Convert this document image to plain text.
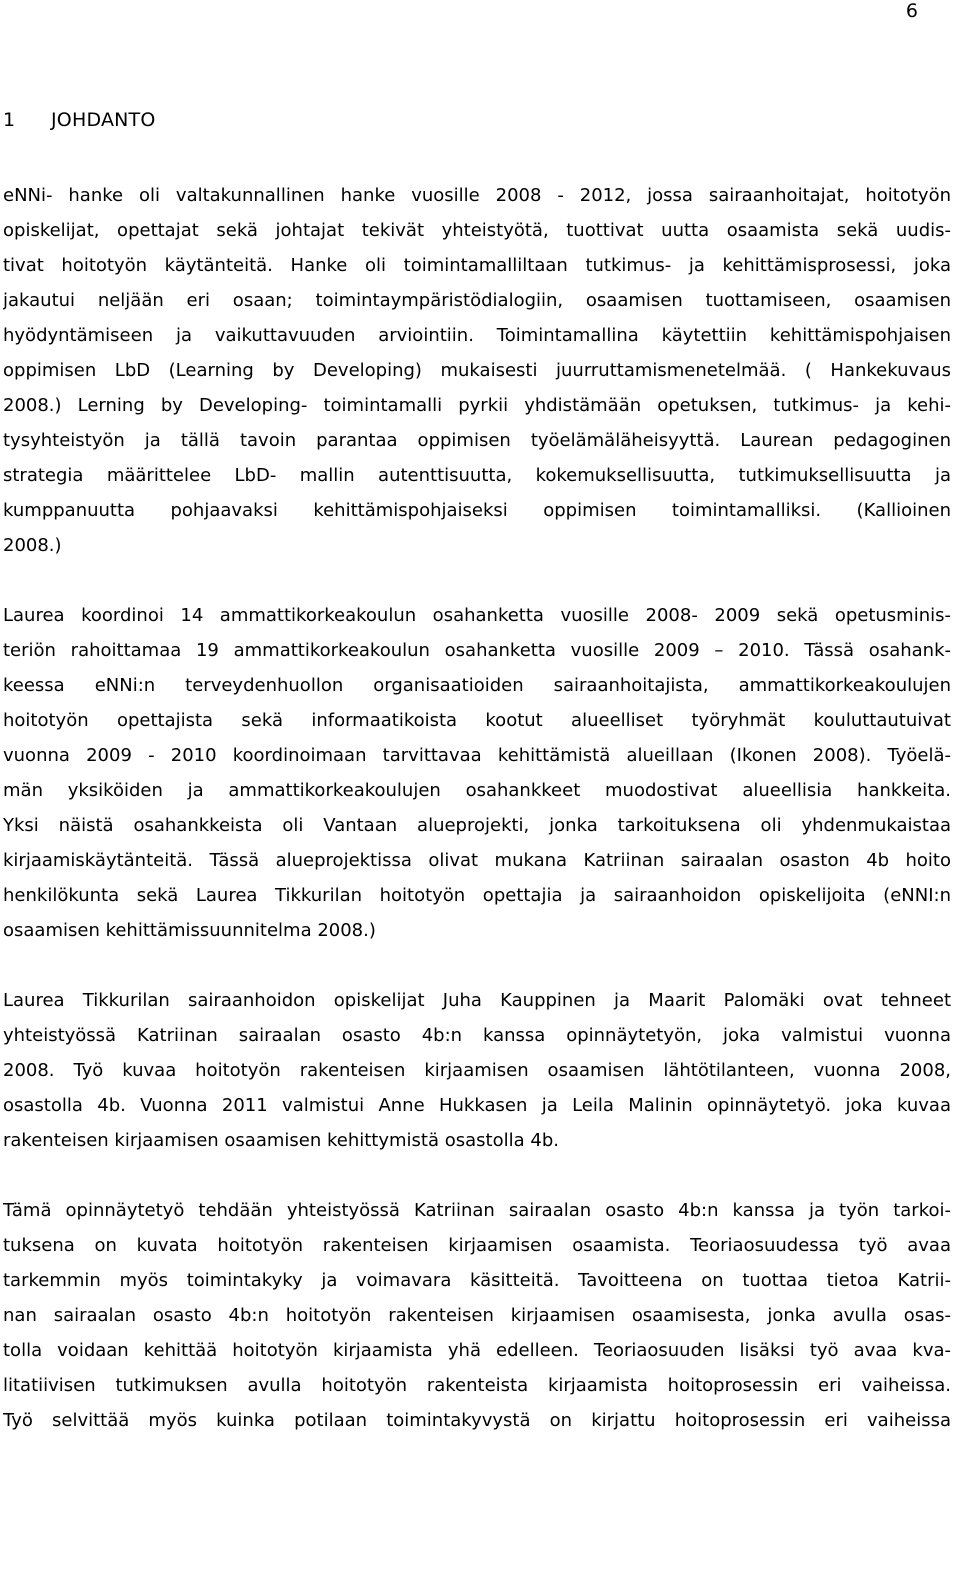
6
1 JOHDANTO
eNNi- hanke oli valtakunnallinen hanke vuosille 2008 - 2012, jossa sairaanhoitajat, hoitotyön
opiskelijat, opettajat sekä johtajat tekivät yhteistyötä, tuottivat uutta osaamista sekä uudis-
tivat hoitotyön käytänteitä. Hanke oli toimintamalliltaan tutkimus- ja kehittämisprosessi, joka
jakautui neljään eri osaan; toimintaympäristödialogiin, osaamisen tuottamiseen, osaamisen
hyödyntämiseen ja vaikuttavuuden arviointiin. Toimintamallina käytettiin kehittämispohjaisen
oppimisen LbD (Learning by Developing) mukaisesti juurruttamismenetelmää. ( Hankekuvaus
2008.) Lerning by Developing- toimintamalli pyrkii yhdistämään opetuksen, tutkimus- ja kehi-
tysyhteistyön ja tällä tavoin parantaa oppimisen työelämäläheisyyttä. Laurean pedagoginen
strategia määrittelee LbD- mallin autenttisuutta, kokemuksellisuutta, tutkimuksellisuutta ja
kumppanuutta pohjaavaksi kehittämispohjaiseksi oppimisen toimintamalliksi. (Kallioinen
2008.)
Laurea koordinoi 14 ammattikorkeakoulun osahanketta vuosille 2008- 2009 sekä opetusminis-
teriön rahoittamaa 19 ammattikorkeakoulun osahanketta vuosille 2009 – 2010. Tässä osahank-
keessa eNNi:n terveydenhuollon organisaatioiden sairaanhoitajista, ammattikorkeakoulujen
hoitotyön opettajista sekä informaatikoista kootut alueelliset työryhmät kouluttautuivat
vuonna 2009 - 2010 koordinoimaan tarvittavaa kehittämistä alueillaan (Ikonen 2008). Työelä-
män yksiköiden ja ammattikorkeakoulujen osahankkeet muodostivat alueellisia hankkeita.
Yksi näistä osahankkeista oli Vantaan alueprojekti, jonka tarkoituksena oli yhdenmukaistaa
kirjaamiskäytänteitä. Tässä alueprojektissa olivat mukana Katriinan sairaalan osaston 4b hoito
henkilökunta sekä Laurea Tikkurilan hoitotyön opettajia ja sairaanhoidon opiskelijoita (eNNI:n
osaamisen kehittämissuunnitelma 2008.)
Laurea Tikkurilan sairaanhoidon opiskelijat Juha Kauppinen ja Maarit Palomäki ovat tehneet
yhteistyössä Katriinan sairaalan osasto 4b:n kanssa opinnäytetyön, joka valmistui vuonna
2008. Työ kuvaa hoitotyön rakenteisen kirjaamisen osaamisen lähtötilanteen, vuonna 2008,
osastolla 4b. Vuonna 2011 valmistui Anne Hukkasen ja Leila Malinin opinnäytetyö. joka kuvaa
rakenteisen kirjaamisen osaamisen kehittymistä osastolla 4b.
Tämä opinnäytetyö tehdään yhteistyössä Katriinan sairaalan osasto 4b:n kanssa ja työn tarkoi-
tuksena on kuvata hoitotyön rakenteisen kirjaamisen osaamista. Teoriaosuudessa työ avaa
tarkemmin myös toimintakyky ja voimavara käsitteitä. Tavoitteena on tuottaa tietoa Katrii-
nan sairaalan osasto 4b:n hoitotyön rakenteisen kirjaamisen osaamisesta, jonka avulla osas-
tolla voidaan kehittää hoitotyön kirjaamista yhä edelleen. Teoriaosuuden lisäksi työ avaa kva-
litatiivisen tutkimuksen avulla hoitotyön rakenteista kirjaamista hoitoprosessin eri vaiheissa.
Työ selvittää myös kuinka potilaan toimintakyvystä on kirjattu hoitoprosessin eri vaiheissa
